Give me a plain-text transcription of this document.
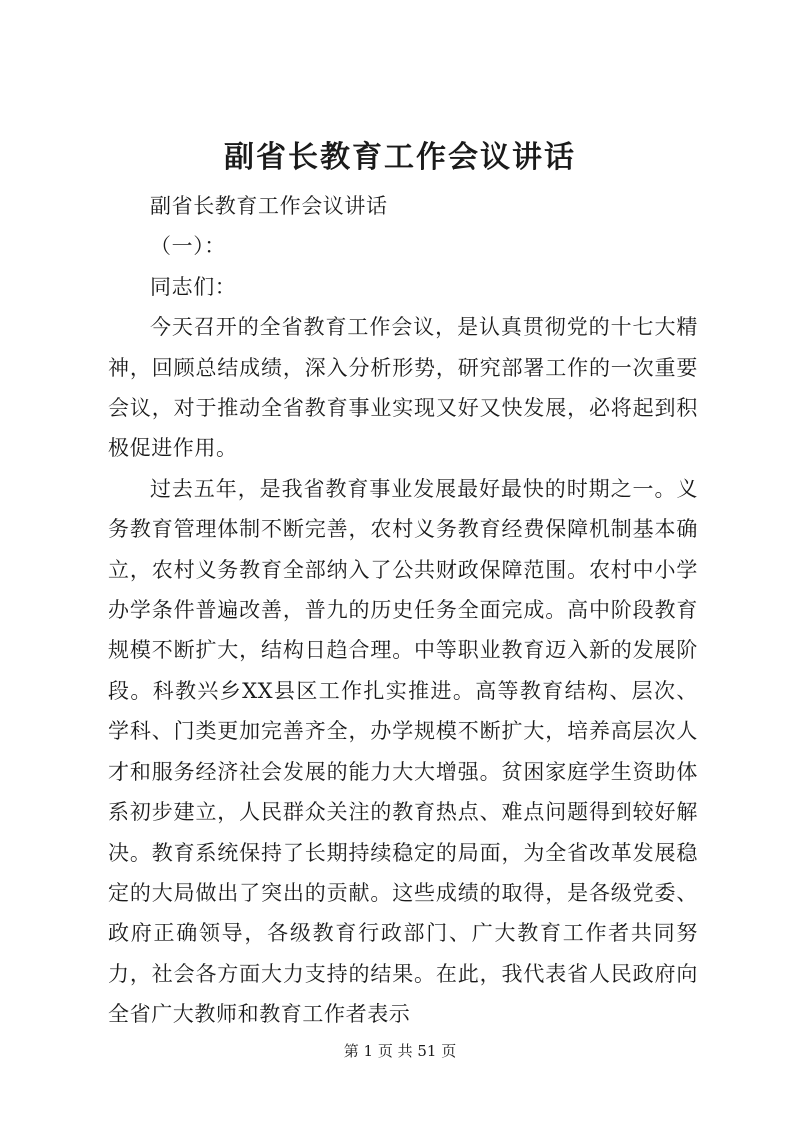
副省长教育工作会议讲话

副省长教育工作会议讲话

（一）：

同志们：

今天召开的全省教育工作会议，是认真贯彻党的十七大精神，回顾总结成绩，深入分析形势，研究部署工作的一次重要会议，对于推动全省教育事业实现又好又快发展，必将起到积极促进作用。

过去五年，是我省教育事业发展最好最快的时期之一。义务教育管理体制不断完善，农村义务教育经费保障机制基本确立，农村义务教育全部纳入了公共财政保障范围。农村中小学办学条件普遍改善，普九的历史任务全面完成。高中阶段教育规模不断扩大，结构日趋合理。中等职业教育迈入新的发展阶段。科教兴乡XX县区工作扎实推进。高等教育结构、层次、学科、门类更加完善齐全，办学规模不断扩大，培养高层次人才和服务经济社会发展的能力大大增强。贫困家庭学生资助体系初步建立，人民群众关注的教育热点、难点问题得到较好解决。教育系统保持了长期持续稳定的局面，为全省改革发展稳定的大局做出了突出的贡献。这些成绩的取得，是各级党委、政府正确领导，各级教育行政部门、广大教育工作者共同努力，社会各方面大力支持的结果。在此，我代表省人民政府向全省广大教师和教育工作者表示

第 1 页 共 51 页
